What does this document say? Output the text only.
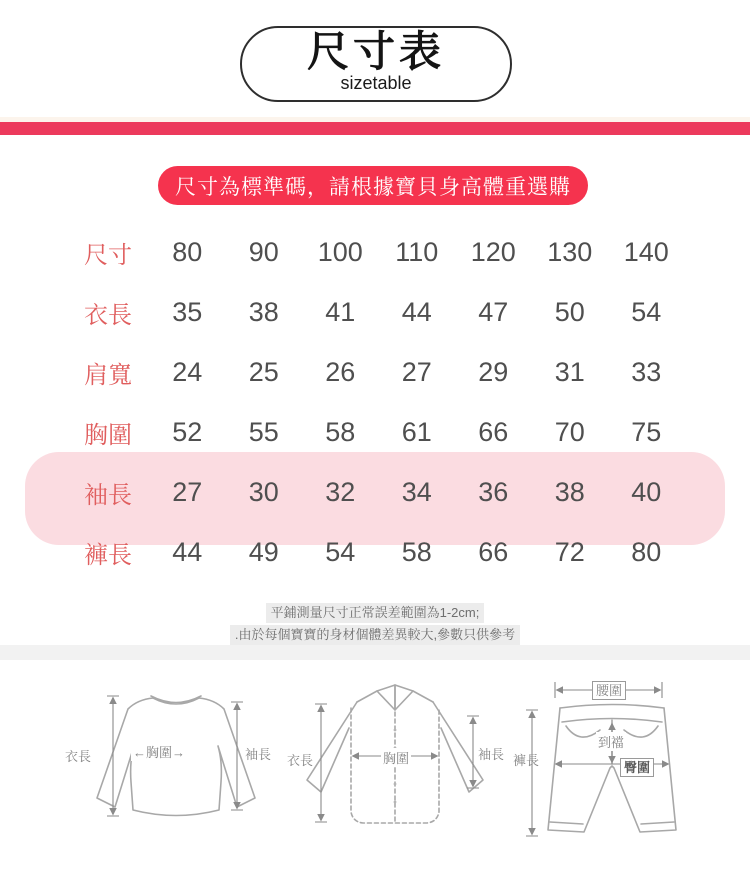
尺寸表
sizetable
尺寸為標準碼，請根據寶貝身高體重選購
尺寸	80	90	100	110	120	130	140
衣長	35	38	41	44	47	50	54
肩寬	24	25	26	27	29	31	33
胸圍	52	55	58	61	66	70	75
袖長	27	30	32	34	36	38	40
褲長	44	49	54	58	66	72	80
平鋪測量尺寸正常誤差範圍為1-2cm;
.由於每個寶寶的身材個體差異較大,參數只供參考
衣長	←胸圍→	袖長 衣長	胸圍	袖長
腰圍
到襠
臀圍
褲長
